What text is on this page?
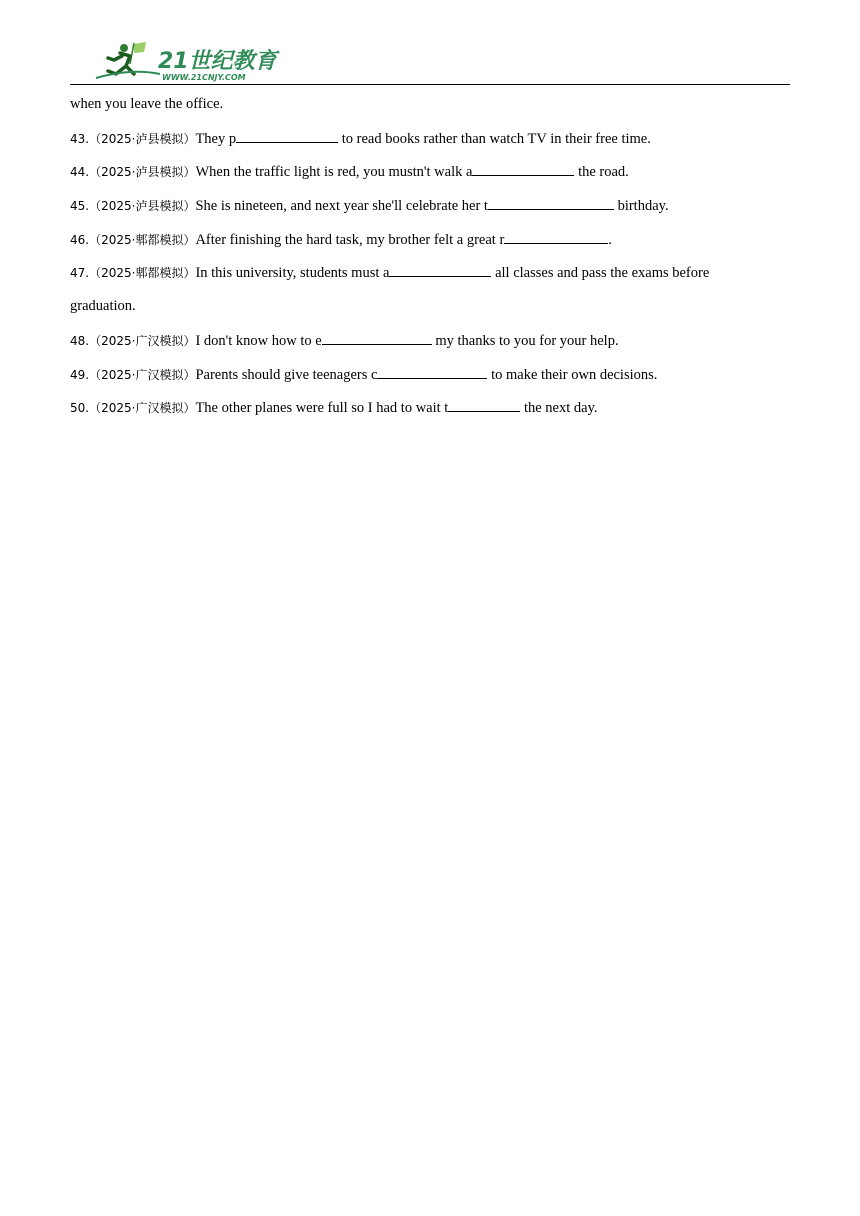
21世纪教育
WWW.21CNJY.COM
when you leave the office.
43.（2025·泸县模拟）They p	to read books rather than watch TV in their free time.
44.（2025·泸县模拟）When the traffic light is red, you mustn't walk a	the road.
45.（2025·泸县模拟）She is nineteen, and next year she'll celebrate her t	birthday.
46.（2025·郫都模拟）After finishing the hard task, my brother felt a great r	.
47.（2025·郫都模拟）In this university, students must a	all classes and pass the exams before
graduation.
48.（2025·广汉模拟）I don't know how to e	my thanks to you for your help.
49.（2025·广汉模拟）Parents should give teenagers c	to make their own decisions.
50.（2025·广汉模拟）The other planes were full so I had to wait t	the next day.
